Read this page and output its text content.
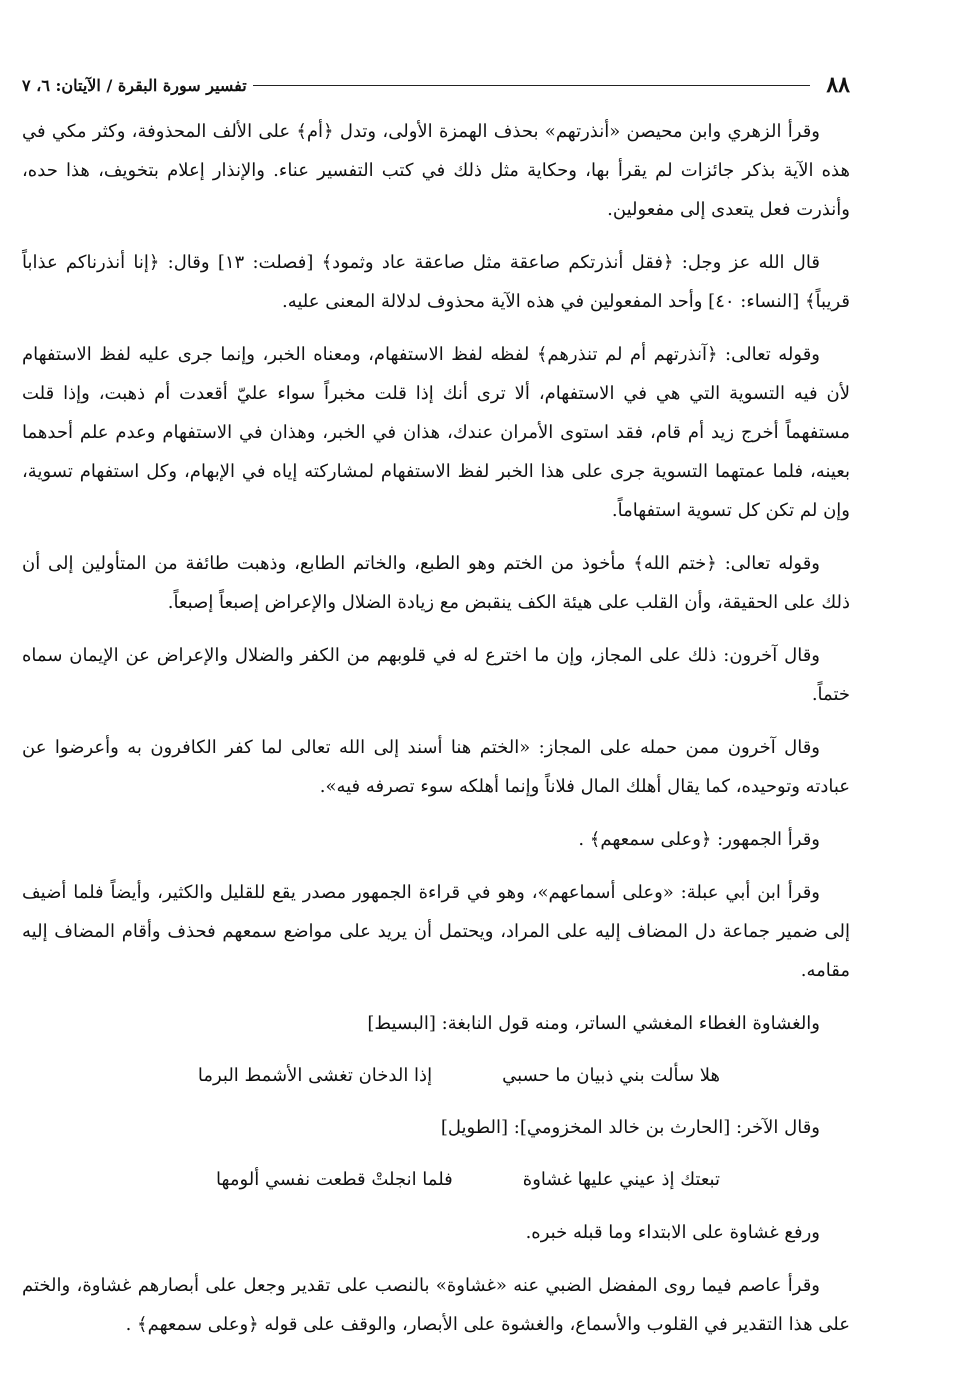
٨٨
تفسير سورة البقرة / الآيتان: ٦، ٧

وقرأ الزهري وابن محيصن «أنذرتهم» بحذف الهمزة الأولى، وتدل ﴿أم﴾ على الألف المحذوفة، وكثر مكي في هذه الآية بذكر جائزات لم يقرأ بها، وحكاية مثل ذلك في كتب التفسير عناء. والإنذار إعلام بتخويف، هذا حده، وأنذرت فعل يتعدى إلى مفعولين.

قال الله عز وجل: ﴿فقل أنذرتكم صاعقة مثل صاعقة عاد وثمود﴾ [فصلت: ١٣] وقال: ﴿إنا أنذرناكم عذاباً قريباً﴾ [النساء: ٤٠] وأحد المفعولين في هذه الآية محذوف لدلالة المعنى عليه.

وقوله تعالى: ﴿آنذرتهم أم لم تنذرهم﴾ لفظه لفظ الاستفهام، ومعناه الخبر، وإنما جرى عليه لفظ الاستفهام لأن فيه التسوية التي هي في الاستفهام، ألا ترى أنك إذا قلت مخبراً سواء عليّ أقعدت أم ذهبت، وإذا قلت مستفهماً أخرج زيد أم قام، فقد استوى الأمران عندك، هذان في الخبر، وهذان في الاستفهام وعدم علم أحدهما بعينه، فلما عمتهما التسوية جرى على هذا الخبر لفظ الاستفهام لمشاركته إياه في الإبهام، وكل استفهام تسوية، وإن لم تكن كل تسوية استفهاماً.

وقوله تعالى: ﴿ختم الله﴾ مأخوذ من الختم وهو الطبع، والخاتم الطابع، وذهبت طائفة من المتأولين إلى أن ذلك على الحقيقة، وأن القلب على هيئة الكف ينقبض مع زيادة الضلال والإعراض إصبعاً إصبعاً.

وقال آخرون: ذلك على المجاز، وإن ما اخترع له في قلوبهم من الكفر والضلال والإعراض عن الإيمان سماه ختماً.

وقال آخرون ممن حمله على المجاز: «الختم هنا أسند إلى الله تعالى لما كفر الكافرون به وأعرضوا عن عبادته وتوحيده، كما يقال أهلك المال فلاناً وإنما أهلكه سوء تصرفه فيه».

وقرأ الجمهور: ﴿وعلى سمعهم﴾ .

وقرأ ابن أبي عبلة: «وعلى أسماعهم»، وهو في قراءة الجمهور مصدر يقع للقليل والكثير، وأيضاً فلما أضيف إلى ضمير جماعة دل المضاف إليه على المراد، ويحتمل أن يريد على مواضع سمعهم فحذف وأقام المضاف إليه مقامه.

والغشاوة الغطاء المغشي الساتر، ومنه قول النابغة: [البسيط]

هلا سألت بني ذبيان ما حسبي
إذا الدخان تغشى الأشمط البرما
وقال الآخر: [الحارث بن خالد المخزومي]: [الطويل]
تبعتك إذ عيني عليها غشاوة
فلما انجلتْ قطعت نفسي ألومها

ورفع غشاوة على الابتداء وما قبله خبره.

وقرأ عاصم فيما روى المفضل الضبي عنه «غشاوة» بالنصب على تقدير وجعل على أبصارهم غشاوة، والختم على هذا التقدير في القلوب والأسماع، والغشوة على الأبصار، والوقف على قوله ﴿وعلى سمعهم﴾ .
